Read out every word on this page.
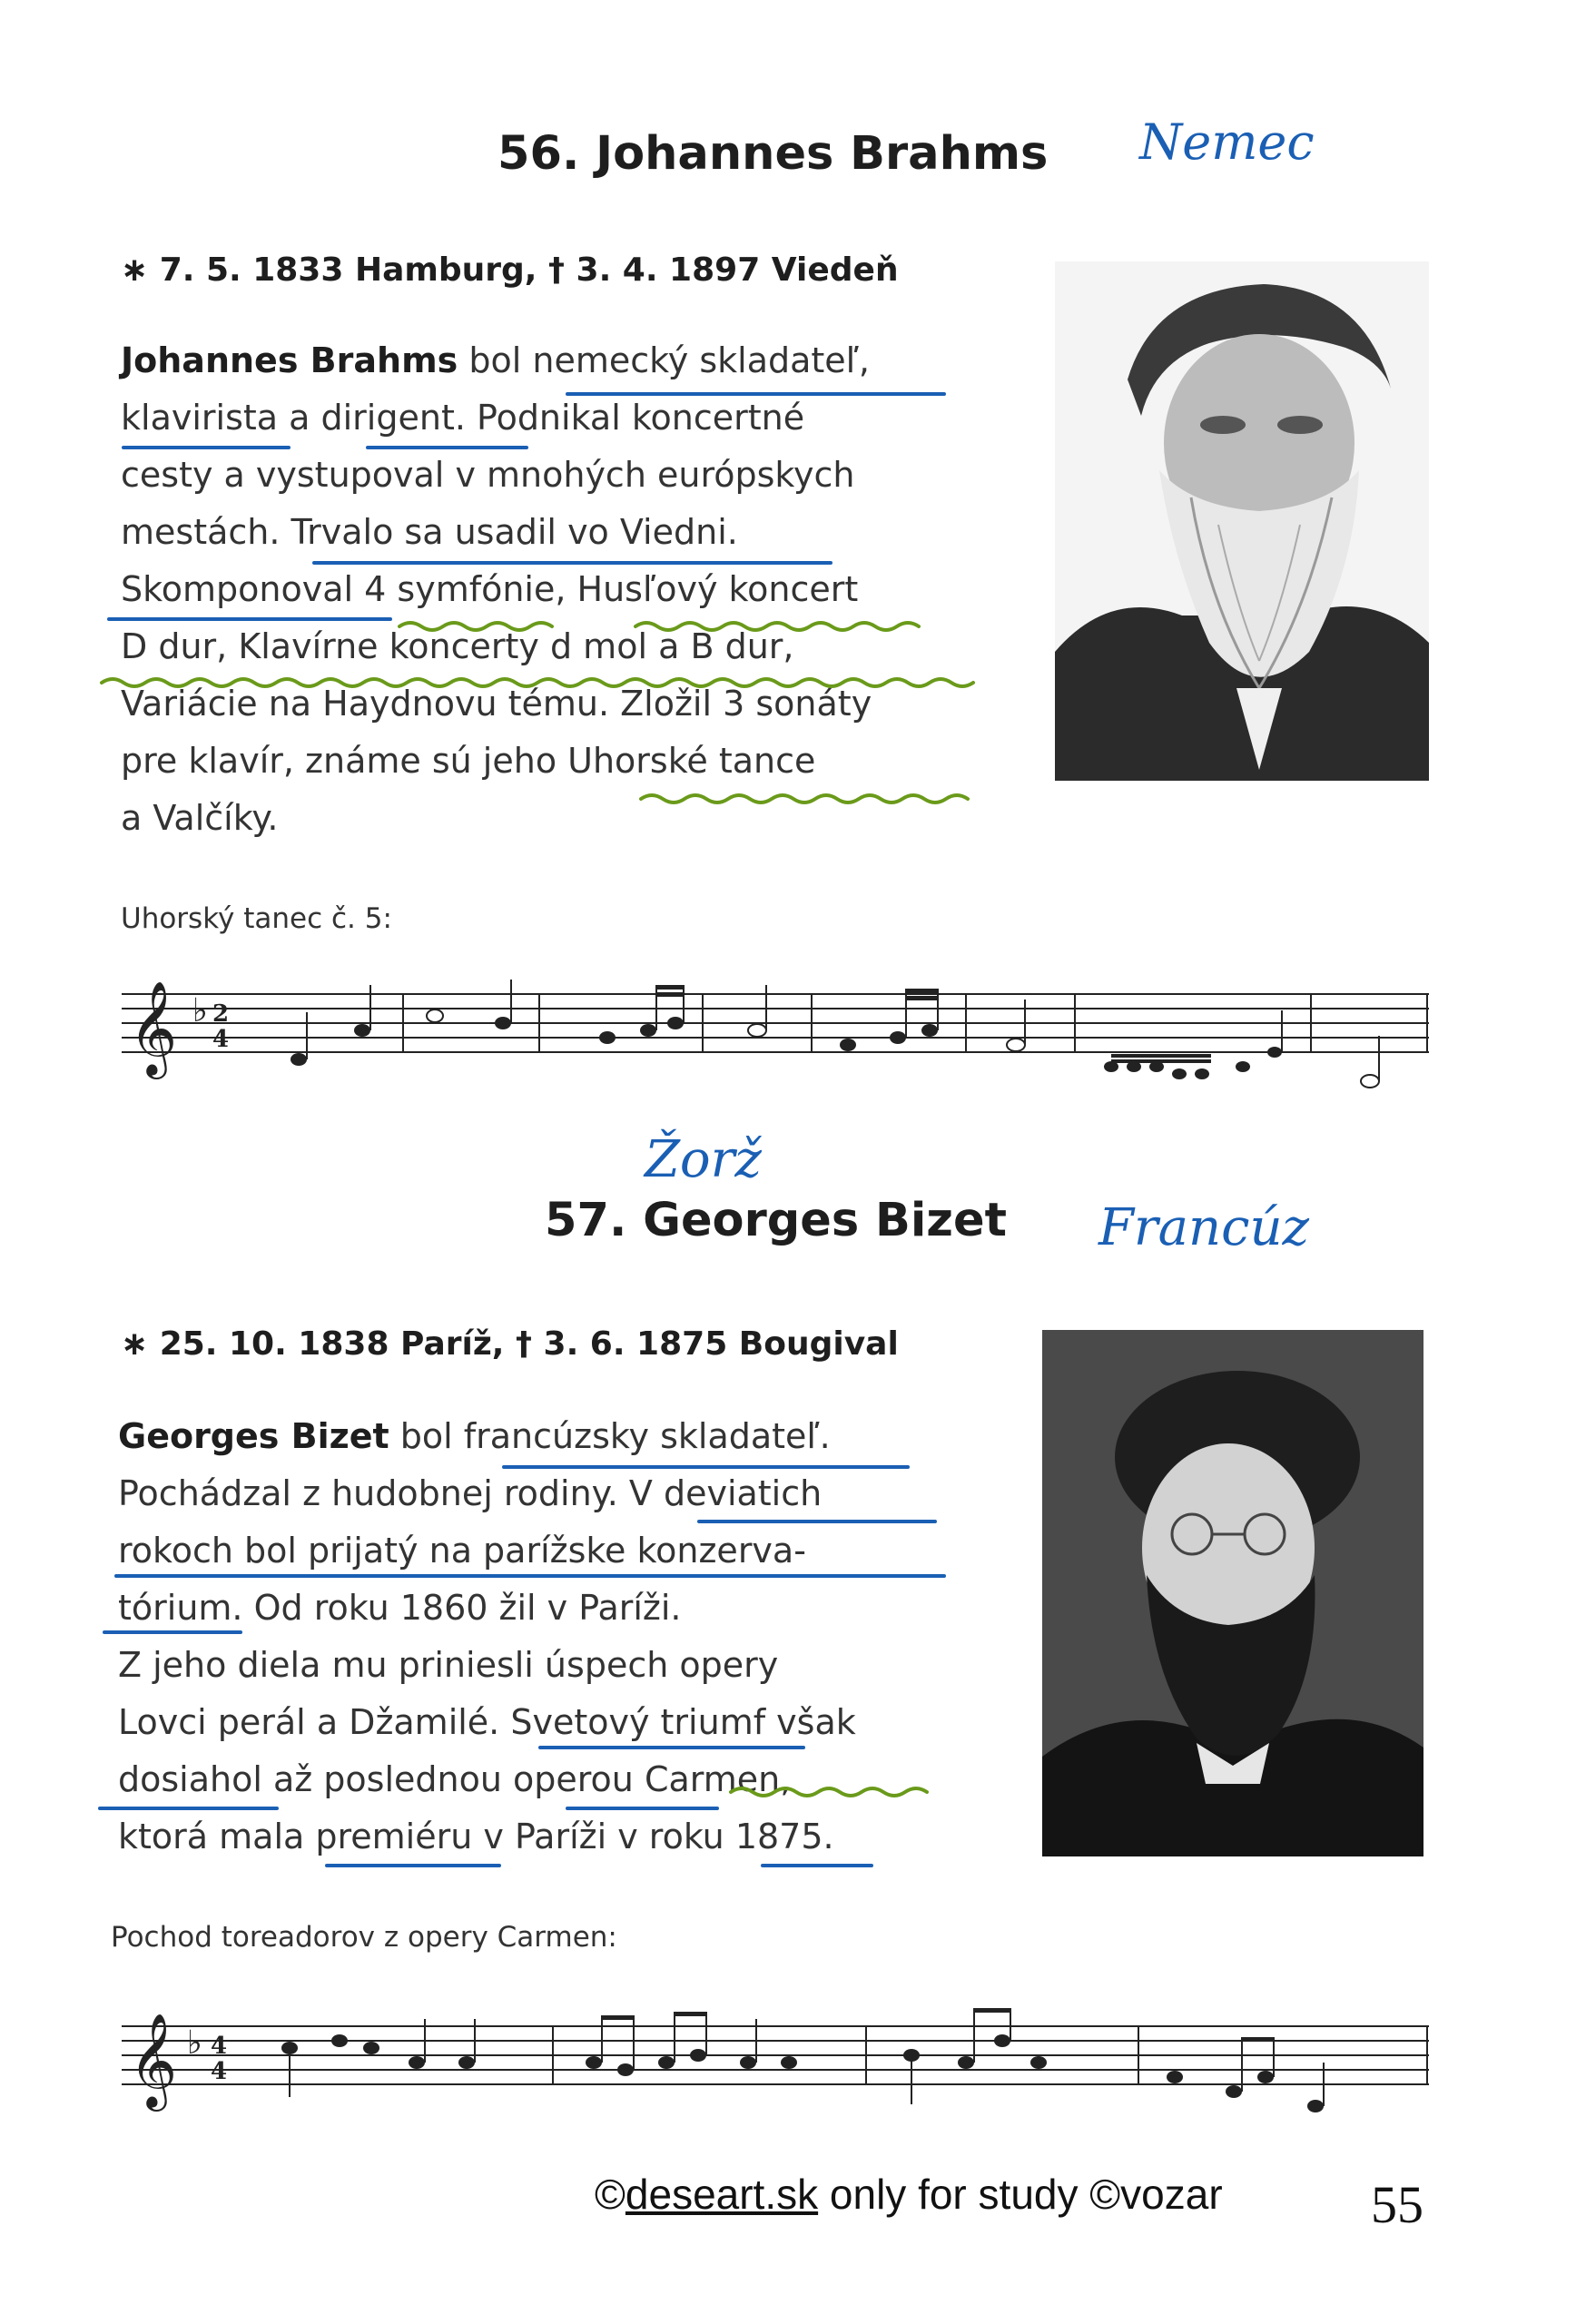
56. Johannes Brahms Nemec
∗ 7. 5. 1833 Hamburg, † 3. 4. 1897 Viedeň
Johannes Brahms bol nemecký skladateľ,
klavirista a dirigent. Podnikal koncertné
cesty a vystupoval v mnohých európskych
mestách. Trvalo sa usadil vo Viedni.
Skomponoval 4 symfónie, Husľový koncert
D dur, Klavírne koncerty d mol a B dur,
Variácie na Haydnovu tému. Zložil 3 sonáty
pre klavír, známe sú jeho Uhorské tance
a Valčíky.
Uhorský tanec č. 5:
𝄞 ♭ 2
4
Žorž
57. Georges Bizet Francúz
∗ 25. 10. 1838 Paríž, † 3. 6. 1875 Bougival
Georges Bizet bol francúzsky skladateľ.
Pochádzal z hudobnej rodiny. V deviatich
rokoch bol prijatý na parížske konzerva-
tórium. Od roku 1860 žil v Paríži.
Z jeho diela mu priniesli úspech opery
Lovci perál a Džamilé. Svetový triumf však
dosiahol až poslednou operou Carmen,
ktorá mala premiéru v Paríži v roku 1875.
Pochod toreadorov z opery Carmen:
𝄞 ♭ 4
4
©deseart.sk only for study ©vozar	55
